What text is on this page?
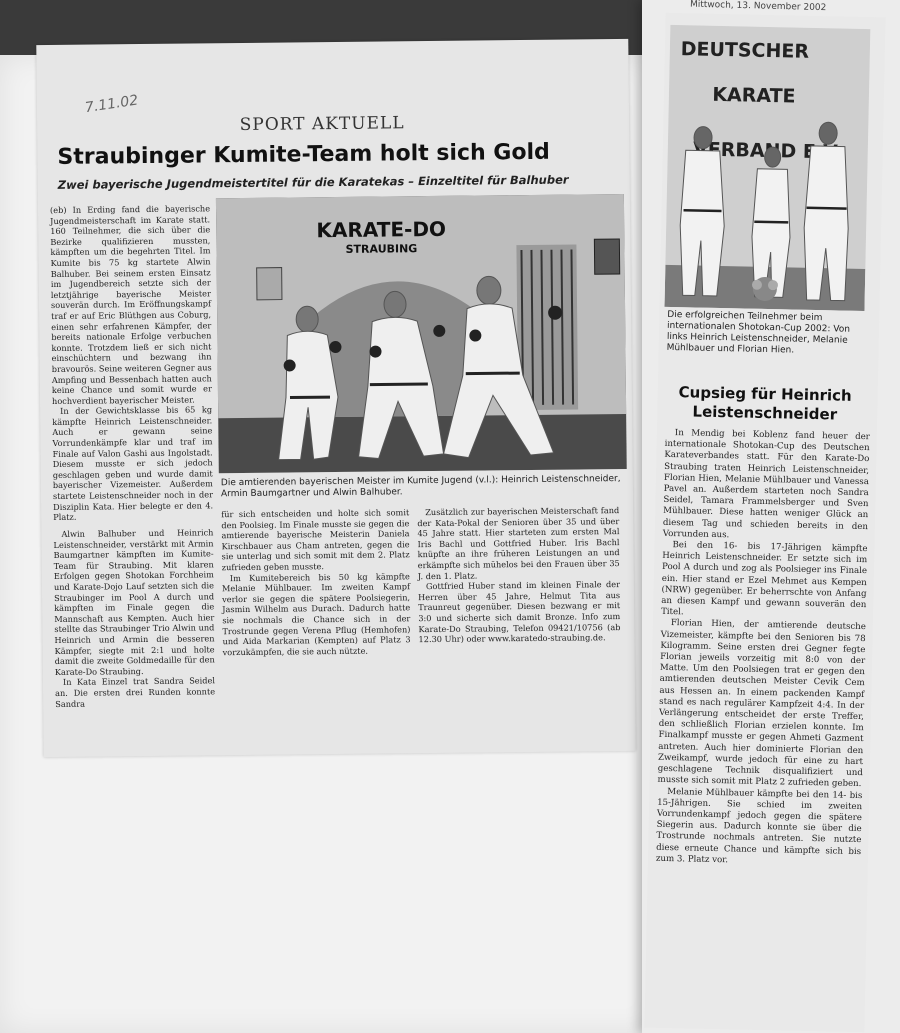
7.11.02
SPORT AKTUELL
Straubinger Kumite-Team holt sich Gold
Zwei bayerische Jugendmeistertitel für die Karatekas – Einzeltitel für Balhuber
KARATE-DO
STRAUBING
Die amtierenden bayerischen Meister im Kumite Jugend (v.l.): Heinrich Leistenschneider, Armin Baumgartner und Alwin Balhuber.

(eb) In Erding fand die bayerische Jugendmeisterschaft im Karate statt. 160 Teilnehmer, die sich über die Bezirke qualifizieren mussten, kämpften um die begehrten Titel. Im Kumite bis 75 kg startete Alwin Balhuber. Bei seinem ersten Einsatz im Jugendbereich setzte sich der letztjährige bayerische Meister souverän durch. Im Eröffnungskampf traf er auf Eric Blüthgen aus Coburg, einen sehr erfahrenen Kämpfer, der bereits nationale Erfolge verbuchen konnte. Trotzdem ließ er sich nicht einschüchtern und bezwang ihn bravourös. Seine weiteren Gegner aus Ampfing und Bessenbach hatten auch keine Chance und somit wurde er hochverdient bayerischer Meister.

In der Gewichtsklasse bis 65 kg kämpfte Heinrich Leistenschneider. Auch er gewann seine Vorrundenkämpfe klar und traf im Finale auf Valon Gashi aus Ingolstadt. Diesem musste er sich jedoch geschlagen geben und wurde damit bayerischer Vizemeister. Außerdem startete Leistenschneider noch in der Disziplin Kata. Hier belegte er den 4. Platz.

Alwin Balhuber und Heinrich Leistenschneider, verstärkt mit Armin Baumgartner kämpften im Kumite-Team für Straubing. Mit klaren Erfolgen gegen Shotokan Forchheim und Karate-Dojo Lauf setzten sich die Straubinger im Pool A durch und kämpften im Finale gegen die Mannschaft aus Kempten. Auch hier stellte das Straubinger Trio Alwin und Heinrich und Armin die besseren Kämpfer, siegte mit 2:1 und holte damit die zweite Goldmedaille für den Karate-Do Straubing.

In Kata Einzel trat Sandra Seidel an. Die ersten drei Runden konnte Sandra

für sich entscheiden und holte sich somit den Poolsieg. Im Finale musste sie gegen die amtierende bayerische Meisterin Daniela Kirschbauer aus Cham antreten, gegen die sie unterlag und sich somit mit dem 2. Platz zufrieden geben musste.

Im Kumitebereich bis 50 kg kämpfte Melanie Mühlbauer. Im zweiten Kampf verlor sie gegen die spätere Poolsiegerin, Jasmin Wilhelm aus Durach. Dadurch hatte sie nochmals die Chance sich in der Trostrunde gegen Verena Pflug (Hemhofen) und Aida Markarian (Kempten) auf Platz 3 vorzukämpfen, die sie auch nützte.

Zusätzlich zur bayerischen Meisterschaft fand der Kata-Pokal der Senioren über 35 und über 45 Jahre statt. Hier starteten zum ersten Mal Iris Bachl und Gottfried Huber. Iris Bachl knüpfte an ihre früheren Leistungen an und erkämpfte sich mühelos bei den Frauen über 35 J. den 1. Platz.

Gottfried Huber stand im kleinen Finale der Herren über 45 Jahre, Helmut Tita aus Traunreut gegenüber. Diesen bezwang er mit 3:0 und sicherte sich damit Bronze. Info zum Karate-Do Straubing, Telefon 09421/10756 (ab 12.30 Uhr) oder www.karatedo-straubing.de.

Mittwoch, 13. November 2002
DEUTSCHER
KARATE
VERBAND
Die erfolgreichen Teilnehmer beim internationalen Shotokan-Cup 2002: Von links Heinrich Leistenschneider, Melanie Mühlbauer und Florian Hien.
Cupsieg für Heinrich Leistenschneider

In Mendig bei Koblenz fand heuer der internationale Shotokan-Cup des Deutschen Karateverbandes statt. Für den Karate-Do Straubing traten Heinrich Leistenschneider, Florian Hien, Melanie Mühlbauer und Vanessa Pavel an. Außerdem starteten noch Sandra Seidel, Tamara Frammelsberger und Sven Mühlbauer. Diese hatten weniger Glück an diesem Tag und schieden bereits in den Vorrunden aus.

Bei den 16- bis 17-Jährigen kämpfte Heinrich Leistenschneider. Er setzte sich im Pool A durch und zog als Poolsieger ins Finale ein. Hier stand er Ezel Mehmet aus Kempen (NRW) gegenüber. Er beherrschte von Anfang an diesen Kampf und gewann souverän den Titel.

Florian Hien, der amtierende deutsche Vizemeister, kämpfte bei den Senioren bis 78 Kilogramm. Seine ersten drei Gegner fegte Florian jeweils vorzeitig mit 8:0 von der Matte. Um den Poolsiegen trat er gegen den amtierenden deutschen Meister Cevik Cem aus Hessen an. In einem packenden Kampf stand es nach regulärer Kampfzeit 4:4. In der Verlängerung entscheidet der erste Treffer, den schließlich Florian erzielen konnte. Im Finalkampf musste er gegen Ahmeti Gazment antreten. Auch hier dominierte Florian den Zweikampf, wurde jedoch für eine zu hart geschlagene Technik disqualifiziert und musste sich somit mit Platz 2 zufrieden geben.

Melanie Mühlbauer kämpfte bei den 14- bis 15-Jährigen. Sie schied im zweiten Vorrundenkampf jedoch gegen die spätere Siegerin aus. Dadurch konnte sie über die Trostrunde nochmals antreten. Sie nutzte diese erneute Chance und kämpfte sich bis zum 3. Platz vor.
